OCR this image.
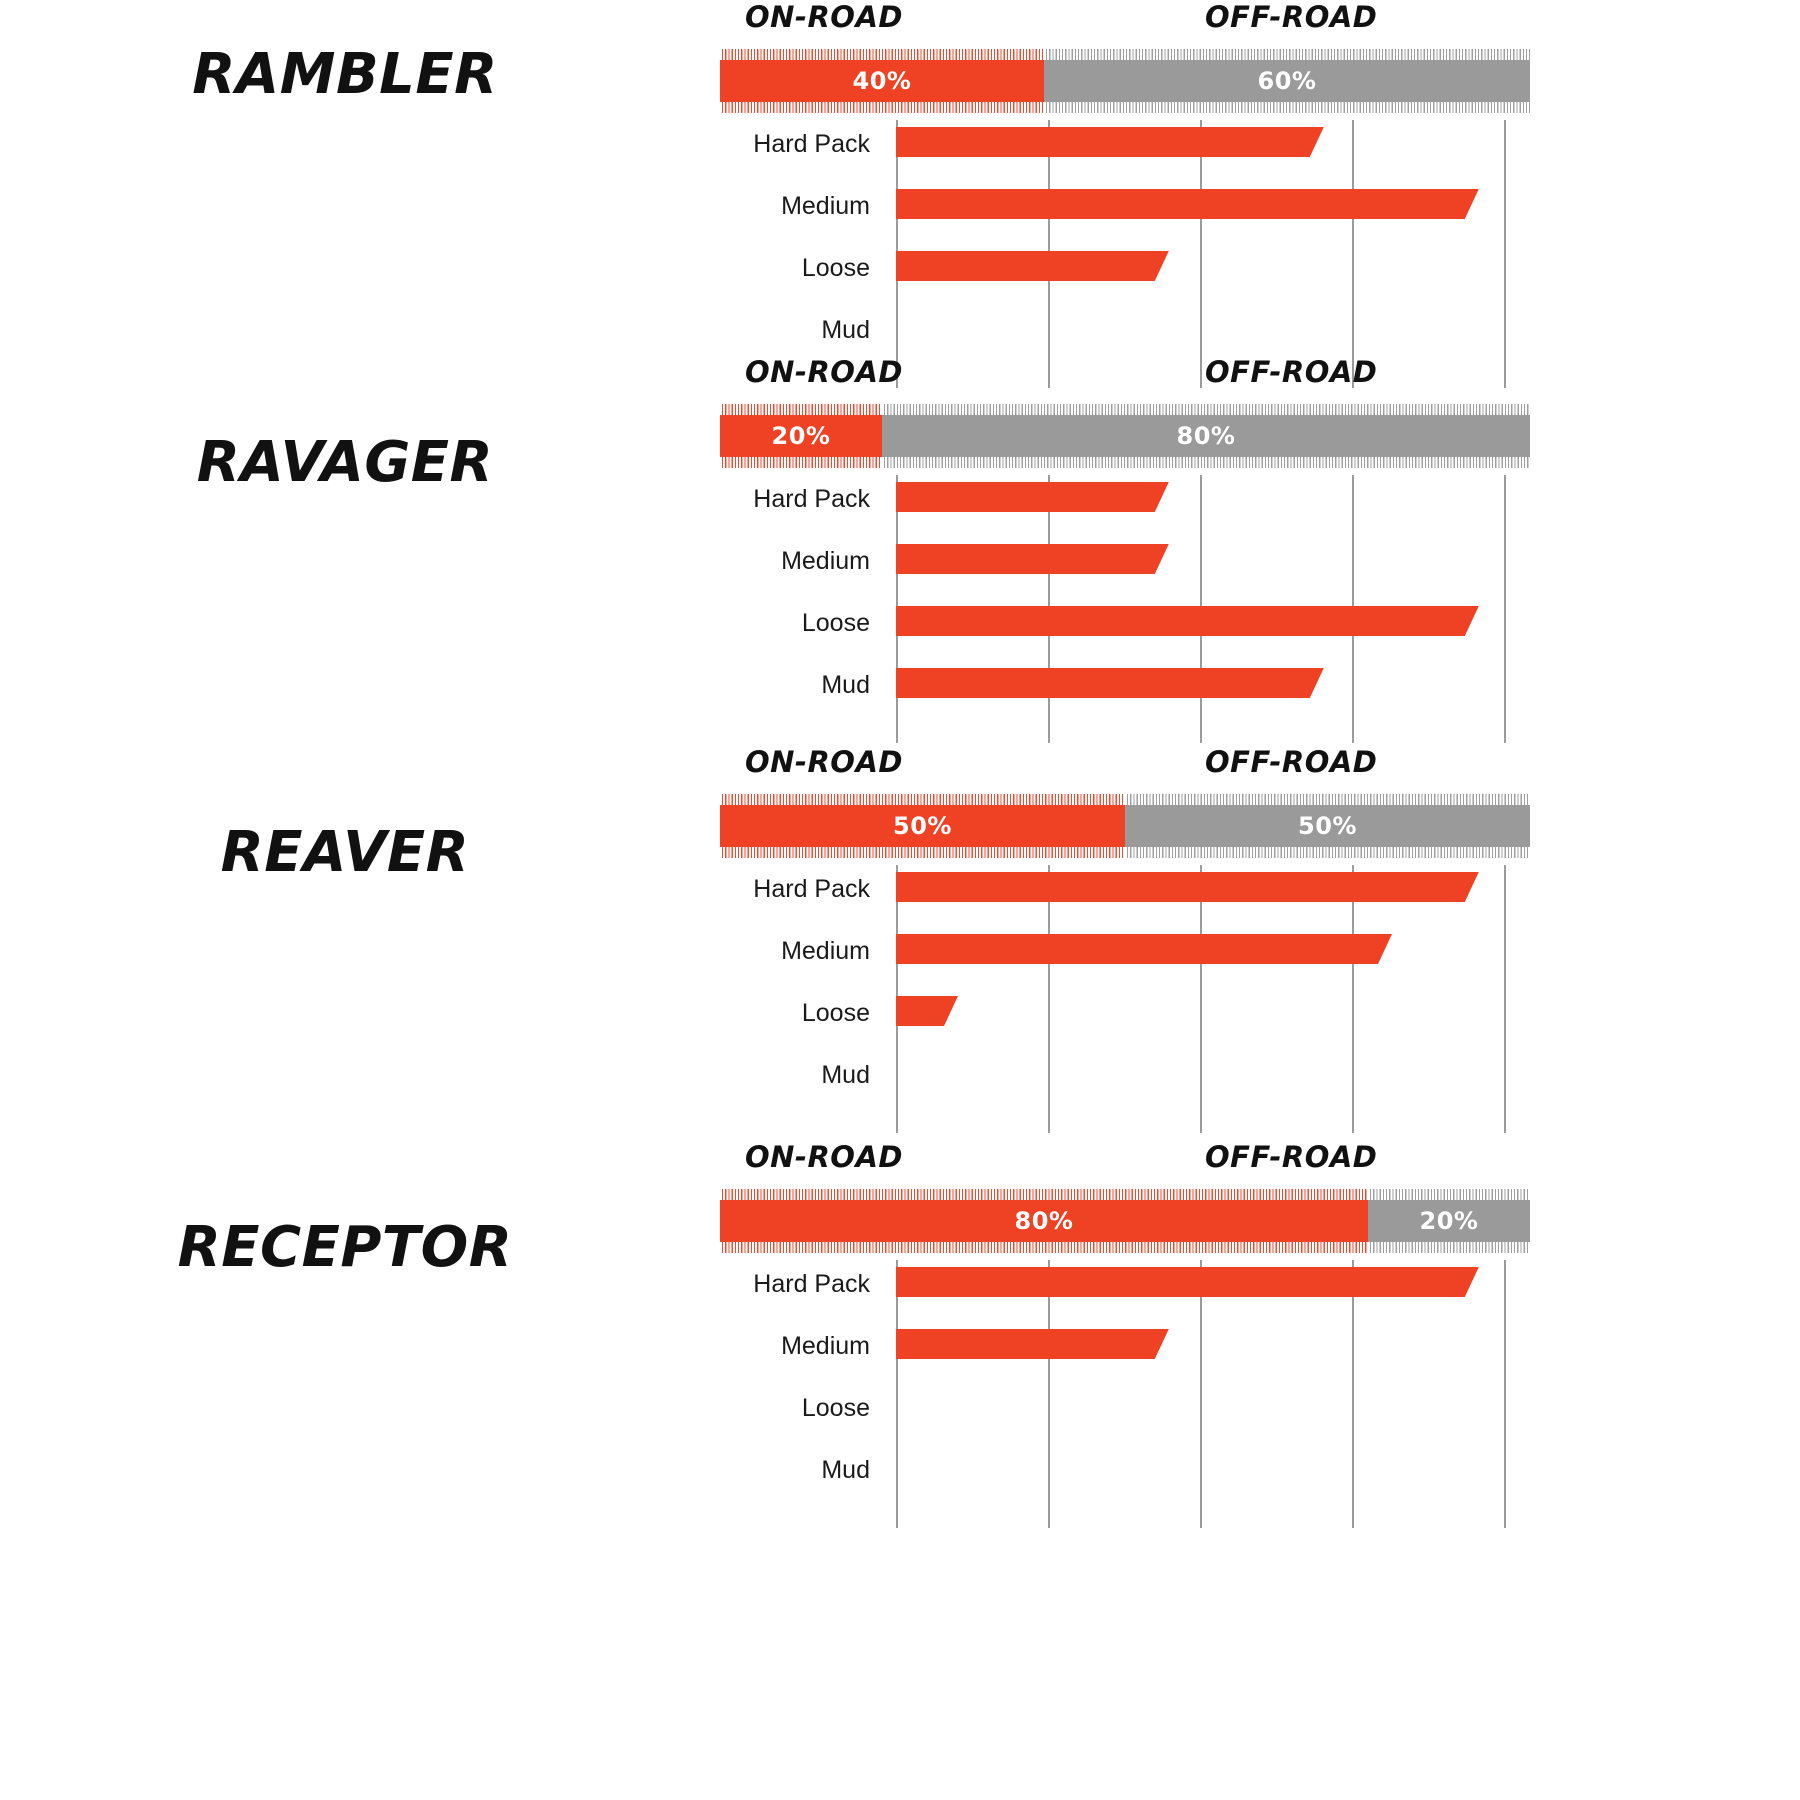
RAMBLER
ON-ROAD	OFF-ROAD
40%	60%
Hard Pack
Medium
Loose
Mud
RAVAGER
ON-ROAD	OFF-ROAD
20%	80%
Hard Pack
Medium
Loose
Mud
REAVER
ON-ROAD	OFF-ROAD
50%	50%
Hard Pack
Medium
Loose
Mud
RECEPTOR
ON-ROAD	OFF-ROAD
80%	20%
Hard Pack
Medium
Loose
Mud
